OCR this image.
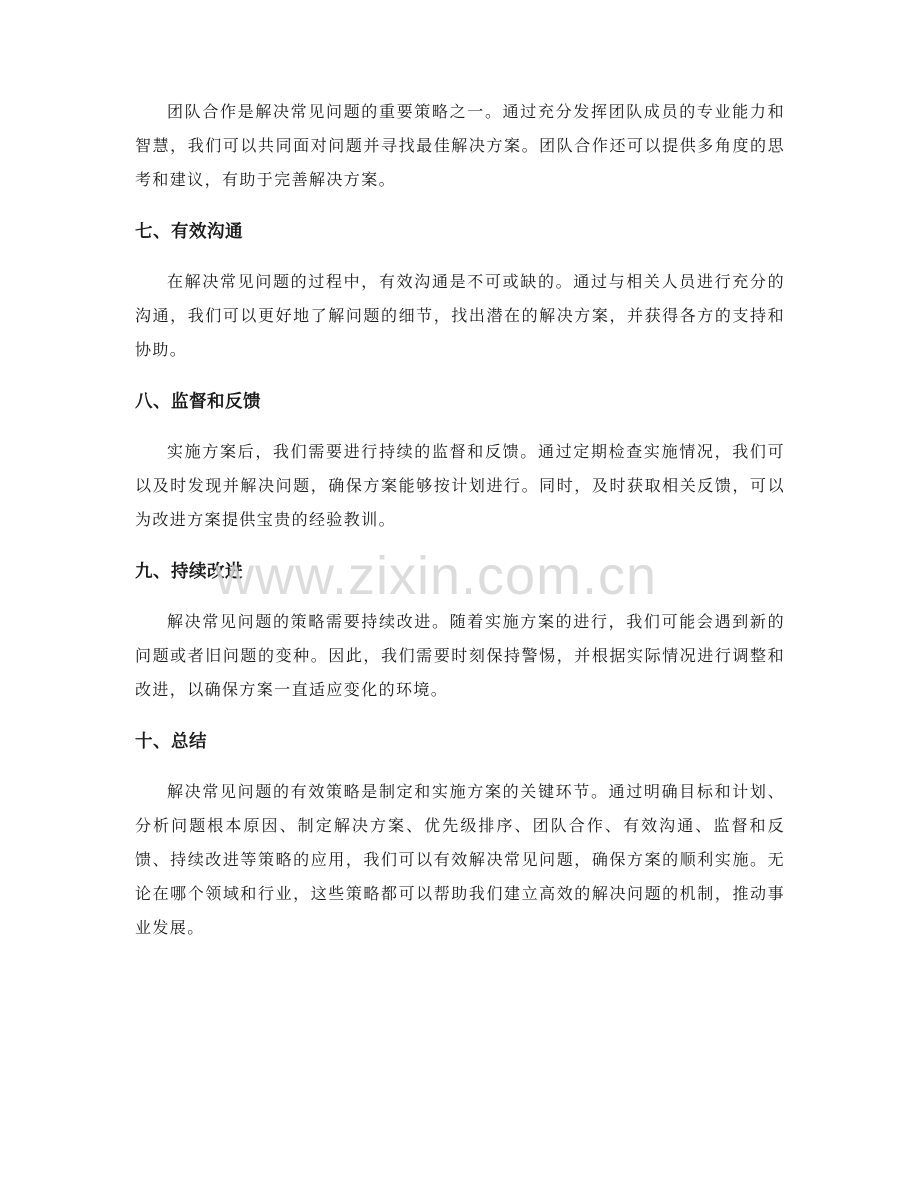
团队合作是解决常见问题的重要策略之一。通过充分发挥团队成员的专业能力和智慧，我们可以共同面对问题并寻找最佳解决方案。团队合作还可以提供多角度的思考和建议，有助于完善解决方案。

七、有效沟通

在解决常见问题的过程中，有效沟通是不可或缺的。通过与相关人员进行充分的沟通，我们可以更好地了解问题的细节，找出潜在的解决方案，并获得各方的支持和协助。

八、监督和反馈

实施方案后，我们需要进行持续的监督和反馈。通过定期检查实施情况，我们可以及时发现并解决问题，确保方案能够按计划进行。同时，及时获取相关反馈，可以为改进方案提供宝贵的经验教训。

九、持续改进

解决常见问题的策略需要持续改进。随着实施方案的进行，我们可能会遇到新的问题或者旧问题的变种。因此，我们需要时刻保持警惕，并根据实际情况进行调整和改进，以确保方案一直适应变化的环境。

十、总结

解决常见问题的有效策略是制定和实施方案的关键环节。通过明确目标和计划、分析问题根本原因、制定解决方案、优先级排序、团队合作、有效沟通、监督和反馈、持续改进等策略的应用，我们可以有效解决常见问题，确保方案的顺利实施。无论在哪个领域和行业，这些策略都可以帮助我们建立高效的解决问题的机制，推动事业发展。

www.zixin.com.cn
